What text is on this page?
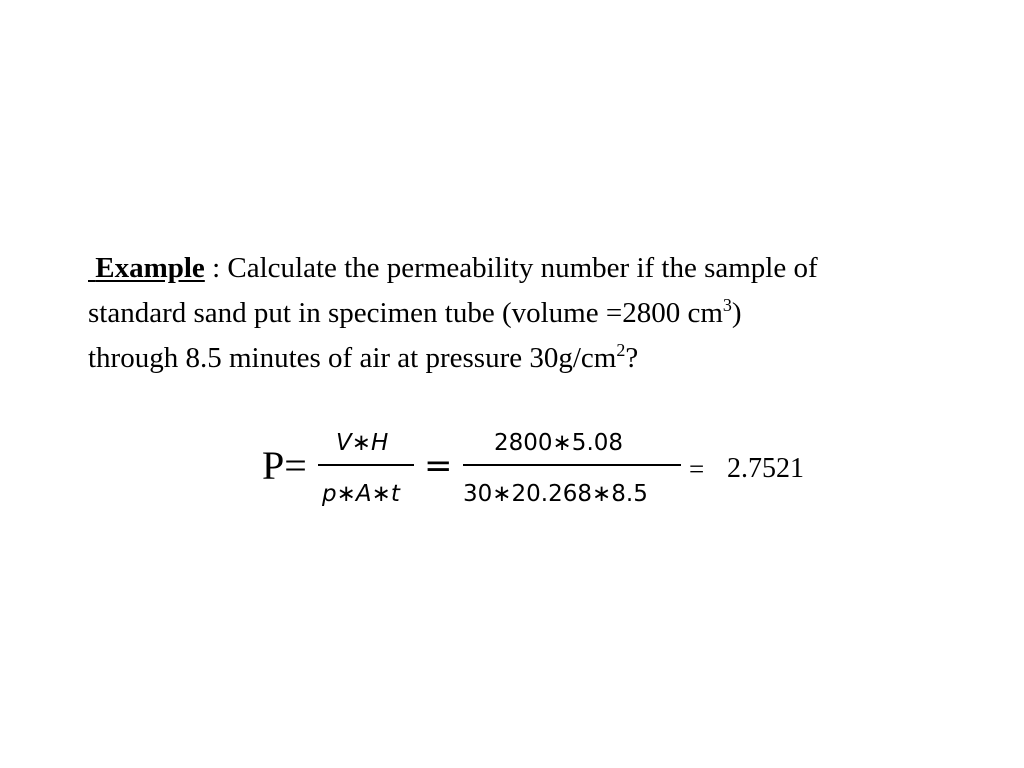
Example : Calculate the permeability number if the sample of
standard sand put in specimen tube (volume =2800 $cm^3$)
through 8.5 minutes of air at pressure $30g/cm^2$?
P= V∗H
p∗A∗t
=
2800∗5.08
30∗20.268∗8.5
= 2.7521
